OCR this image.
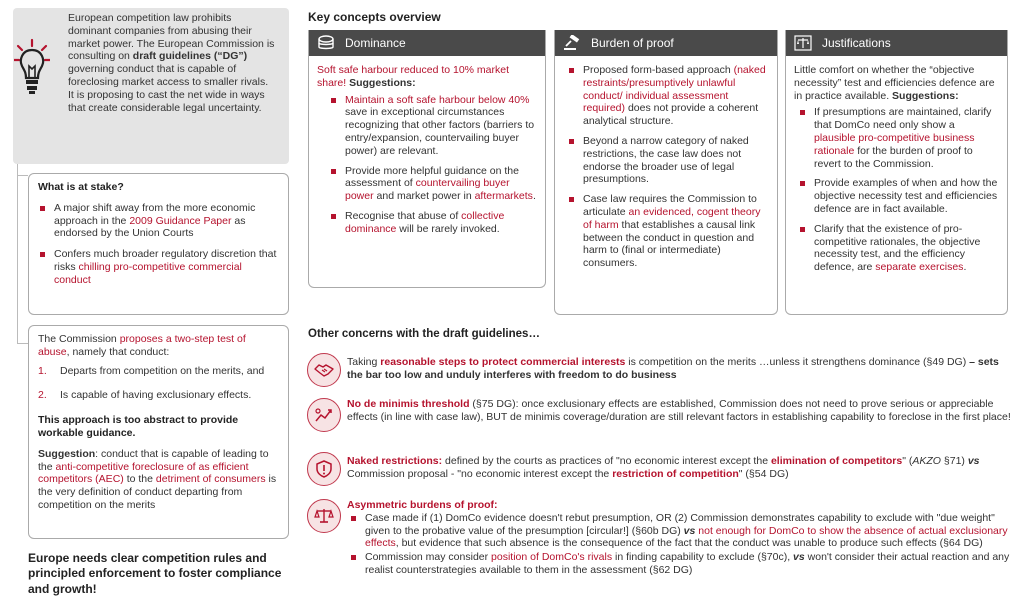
European competition law prohibits dominant companies from abusing their market power. The European Commission is consulting on draft guidelines (“DG”) governing conduct that is capable of foreclosing market access to smaller rivals. It is proposing to cast the net wide in ways that create considerable legal uncertainty.
What is at stake?
A major shift away from the more economic approach in the 2009 Guidance Paper as endorsed by the Union Courts
Confers much broader regulatory discretion that risks chilling pro-competitive commercial conduct

The Commission proposes a two-step test of abuse, namely that conduct:

1.	Departs from competition on the merits, and
2.	Is capable of having exclusionary effects.

This approach is too abstract to provide workable guidance.

Suggestion: conduct that is capable of leading to the anti-competitive foreclosure of as efficient competitors (AEC) to the detriment of consumers is the very definition of conduct departing from competition on the merits

Europe needs clear competition rules and principled enforcement to foster compliance and growth!
Key concepts overview
Dominance

Soft safe harbour reduced to 10% market share! Suggestions:

Maintain a soft safe harbour below 40% save in exceptional circumstances recognizing that other factors (barriers to entry/expansion, countervailing buyer power) are relevant.
Provide more helpful guidance on the assessment of countervailing buyer power and market power in aftermarkets.
Recognise that abuse of collective dominance will be rarely invoked.
Burden of proof
Proposed form-based approach (naked restraints/presumptively unlawful conduct/ individual assessment required) does not provide a coherent analytical structure.
Beyond a narrow category of naked restrictions, the case law does not endorse the broader use of legal presumptions.
Case law requires the Commission to articulate an evidenced, cogent theory of harm that establishes a causal link between the conduct in question and harm to (final or intermediate) consumers.
Justifications

Little comfort on whether the “objective necessity” test and efficiencies defence are in practice available. Suggestions:

If presumptions are maintained, clarify that DomCo need only show a plausible pro-competitive business rationale for the burden of proof to revert to the Commission.
Provide examples of when and how the objective necessity test and efficiencies defence are in fact available.
Clarify that the existence of pro-competitive rationales, the objective necessity test, and the efficiency defence, are separate exercises.
Other concerns with the draft guidelines…
Taking reasonable steps to protect commercial interests is competition on the merits …unless it strengthens dominance (§49 DG) – sets the bar too low and unduly interferes with freedom to do business
No de minimis threshold (§75 DG): once exclusionary effects are established, Commission does not need to prove serious or appreciable effects (in line with case law), BUT de minimis coverage/duration are still relevant factors in establishing capability to foreclose in the first place!
Naked restrictions: defined by the courts as practices of "no economic interest except the elimination of competitors" (AKZO §71) vs Commission proposal - "no economic interest except the restriction of competition" (§54 DG)
Asymmetric burdens of proof:
Case made if (1) DomCo evidence doesn't rebut presumption, OR (2) Commission demonstrates capability to exclude with "due weight" given to the probative value of the presumption [circular!] (§60b DG) vs not enough for DomCo to show the absence of actual exclusionary effects, but evidence that such absence is the consequence of the fact that the conduct was unable to produce such effects (§64 DG)
Commission may consider position of DomCo's rivals in finding capability to exclude (§70c), vs won't consider their actual reaction and any realist counterstrategies available to them in the assessment (§62 DG)
